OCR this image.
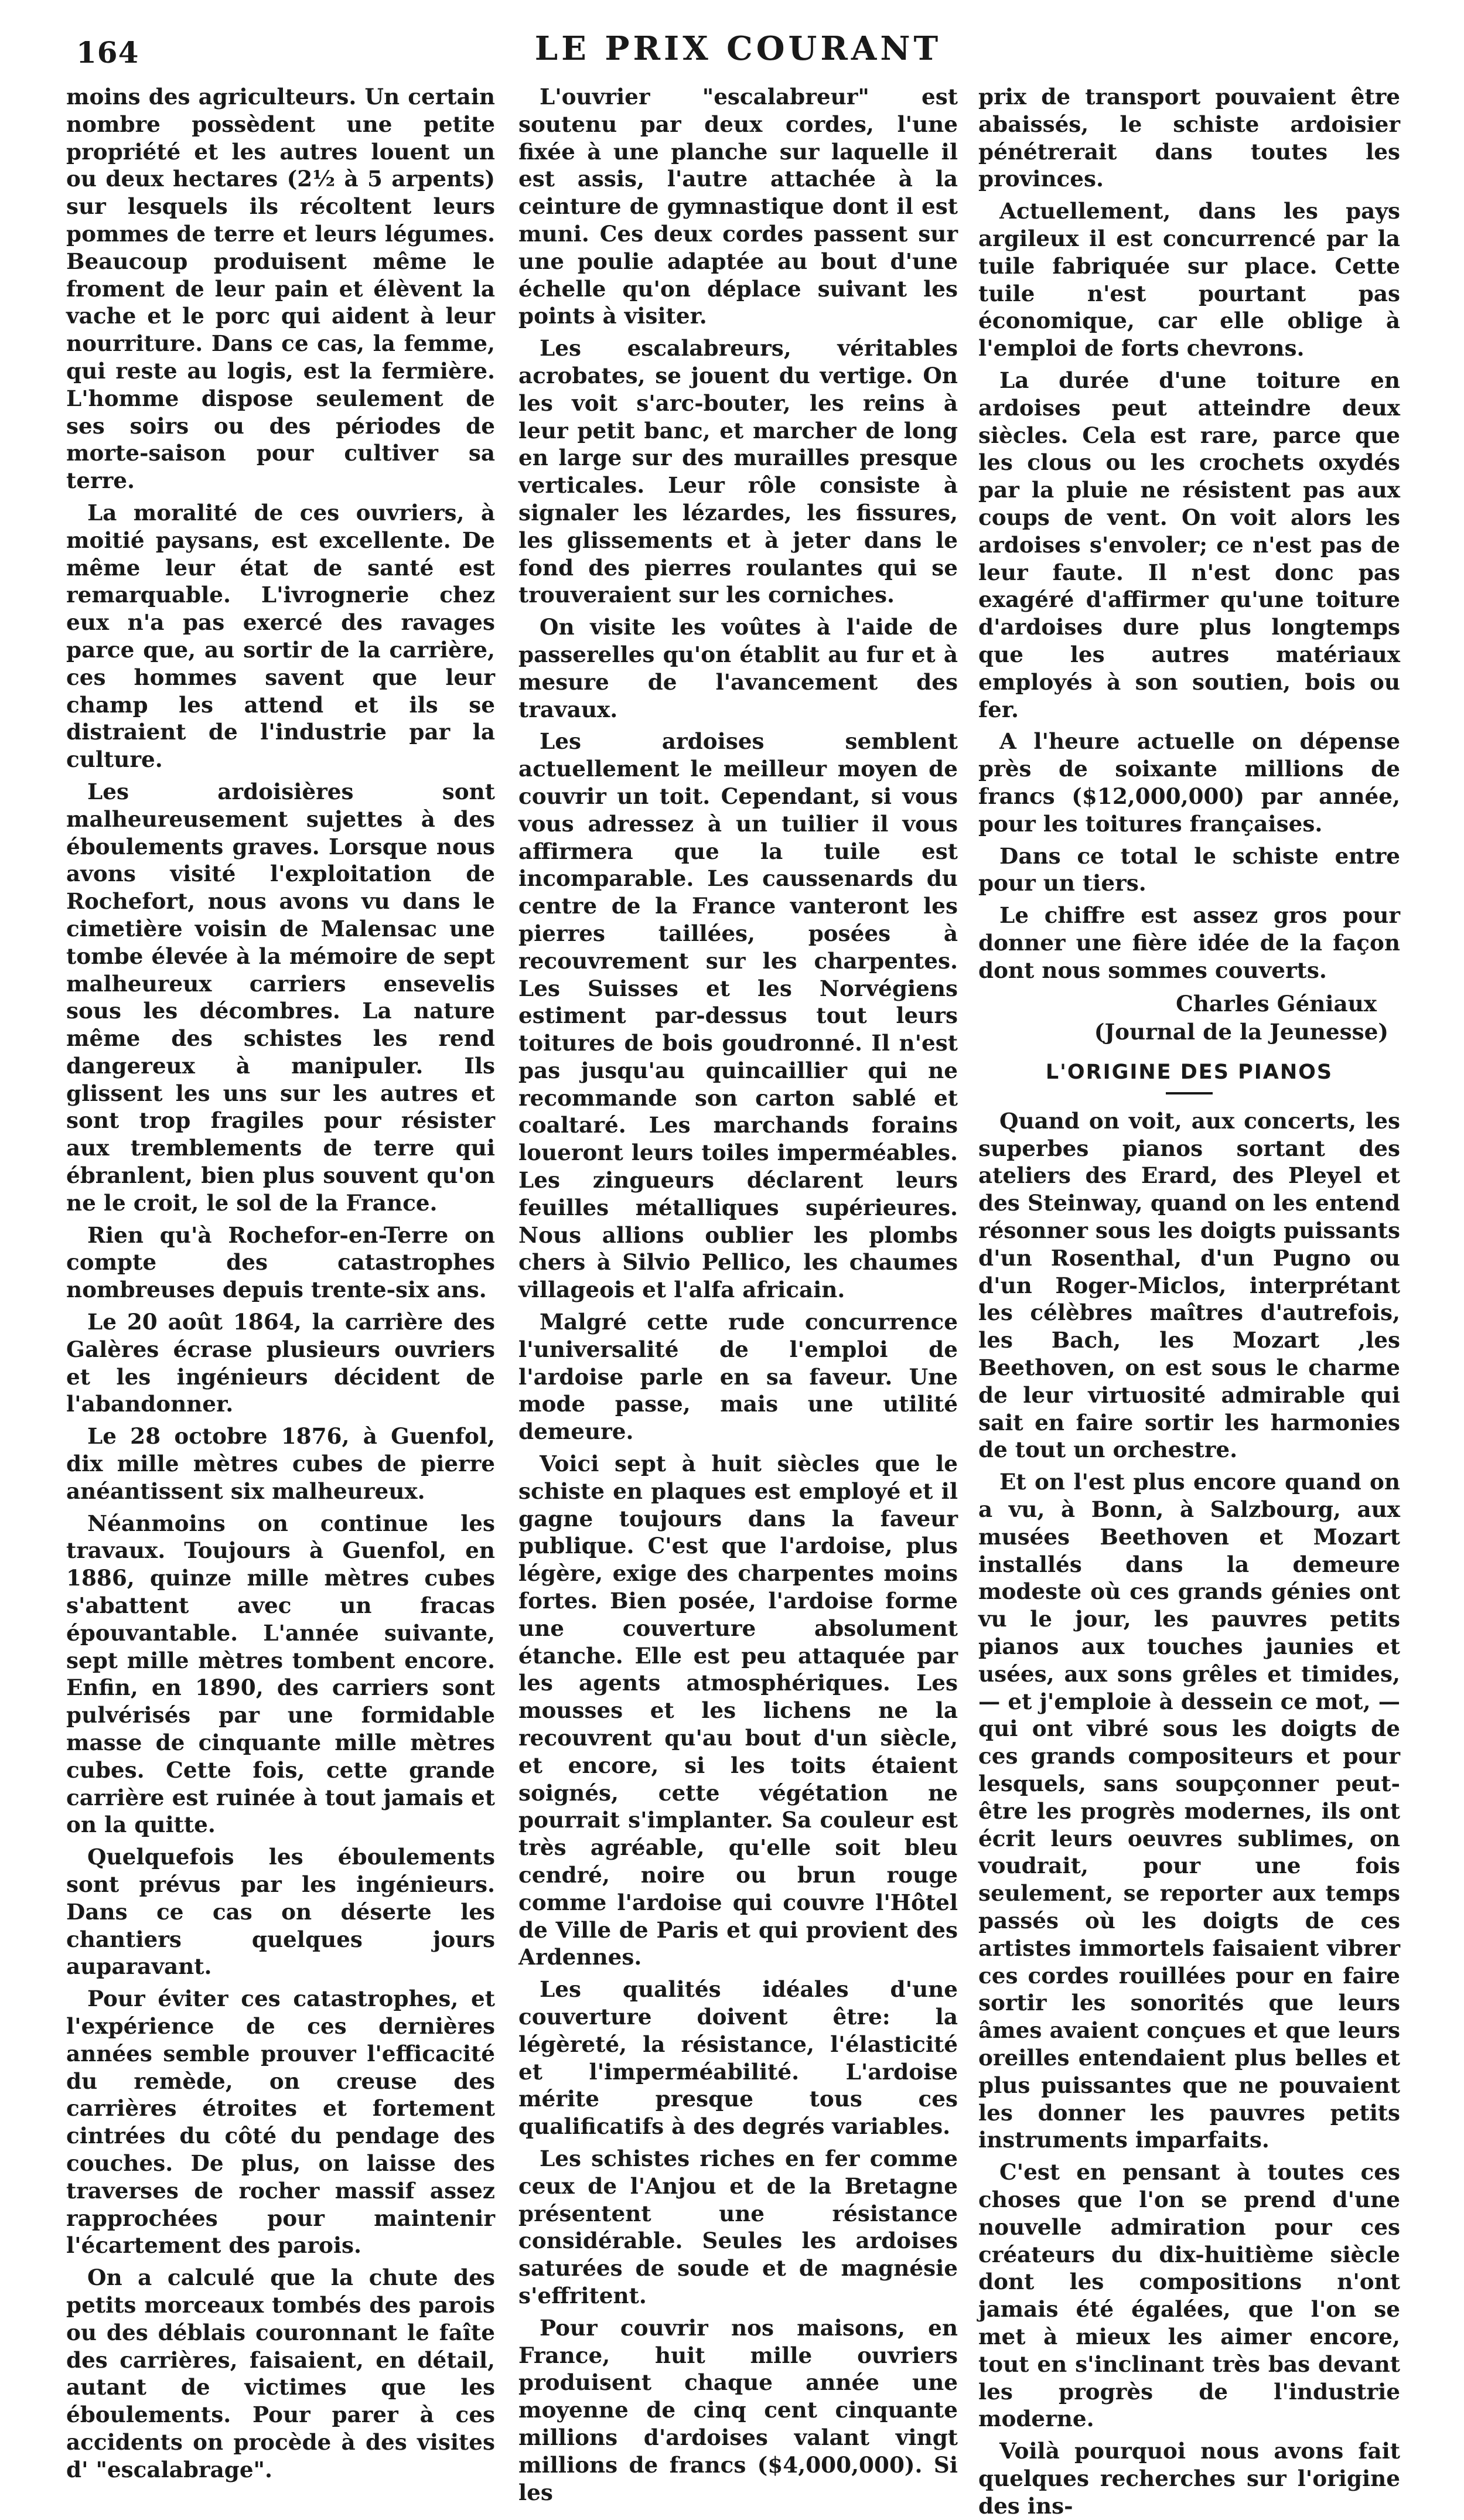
164	LE PRIX COURANT

moins des agriculteurs. Un certain nombre possèdent une petite propriété et les autres louent un ou deux hectares (2½ à 5 arpents) sur lesquels ils récoltent leurs pommes de terre et leurs légumes. Beaucoup produisent même le froment de leur pain et élèvent la vache et le porc qui aident à leur nourriture. Dans ce cas, la femme, qui reste au logis, est la fermière. L'homme dispose seulement de ses soirs ou des périodes de morte-saison pour cultiver sa terre.

La moralité de ces ouvriers, à moitié paysans, est excellente. De même leur état de santé est remarquable. L'ivrognerie chez eux n'a pas exercé des ravages parce que, au sortir de la carrière, ces hommes savent que leur champ les attend et ils se distraient de l'industrie par la culture.

Les ardoisières sont malheureusement sujettes à des éboulements graves. Lorsque nous avons visité l'exploitation de Rochefort, nous avons vu dans le cimetière voisin de Malensac une tombe élevée à la mémoire de sept malheureux carriers ensevelis sous les décombres. La nature même des schistes les rend dangereux à manipuler. Ils glissent les uns sur les autres et sont trop fragiles pour résister aux tremblements de terre qui ébranlent, bien plus souvent qu'on ne le croit, le sol de la France.

Rien qu'à Rochefor-en-Terre on compte des catastrophes nombreuses depuis trente-six ans.

Le 20 août 1864, la carrière des Galères écrase plusieurs ouvriers et les ingénieurs décident de l'abandonner.

Le 28 octobre 1876, à Guenfol, dix mille mètres cubes de pierre anéantissent six malheureux.

Néanmoins on continue les travaux. Toujours à Guenfol, en 1886, quinze mille mètres cubes s'abattent avec un fracas épouvantable. L'année suivante, sept mille mètres tombent encore. Enfin, en 1890, des carriers sont pulvérisés par une formidable masse de cinquante mille mètres cubes. Cette fois, cette grande carrière est ruinée à tout jamais et on la quitte.

Quelquefois les éboulements sont prévus par les ingénieurs. Dans ce cas on déserte les chantiers quelques jours auparavant.

Pour éviter ces catastrophes, et l'expérience de ces dernières années semble prouver l'efficacité du remède, on creuse des carrières étroites et fortement cintrées du côté du pendage des couches. De plus, on laisse des traverses de rocher massif assez rapprochées pour maintenir l'écartement des parois.

On a calculé que la chute des petits morceaux tombés des parois ou des déblais couronnant le faîte des carrières, faisaient, en détail, autant de victimes que les éboulements. Pour parer à ces accidents on procède à des visites d' "escalabrage".

L'ouvrier "escalabreur" est soutenu par deux cordes, l'une fixée à une planche sur laquelle il est assis, l'autre attachée à la ceinture de gymnastique dont il est muni. Ces deux cordes passent sur une poulie adaptée au bout d'une échelle qu'on déplace suivant les points à visiter.

Les escalabreurs, véritables acrobates, se jouent du vertige. On les voit s'arc-bouter, les reins à leur petit banc, et marcher de long en large sur des murailles presque verticales. Leur rôle consiste à signaler les lézardes, les fissures, les glissements et à jeter dans le fond des pierres roulantes qui se trouveraient sur les corniches.

On visite les voûtes à l'aide de passerelles qu'on établit au fur et à mesure de l'avancement des travaux.

Les ardoises semblent actuellement le meilleur moyen de couvrir un toit. Cependant, si vous vous adressez à un tuilier il vous affirmera que la tuile est incomparable. Les caussenards du centre de la France vanteront les pierres taillées, posées à recouvrement sur les charpentes. Les Suisses et les Norvégiens estiment par-dessus tout leurs toitures de bois goudronné. Il n'est pas jusqu'au quincaillier qui ne recommande son carton sablé et coaltaré. Les marchands forains loueront leurs toiles imperméables. Les zingueurs déclarent leurs feuilles métalliques supérieures. Nous allions oublier les plombs chers à Silvio Pellico, les chaumes villageois et l'alfa africain.

Malgré cette rude concurrence l'universalité de l'emploi de l'ardoise parle en sa faveur. Une mode passe, mais une utilité demeure.

Voici sept à huit siècles que le schiste en plaques est employé et il gagne toujours dans la faveur publique. C'est que l'ardoise, plus légère, exige des charpentes moins fortes. Bien posée, l'ardoise forme une couverture absolument étanche. Elle est peu attaquée par les agents atmosphériques. Les mousses et les lichens ne la recouvrent qu'au bout d'un siècle, et encore, si les toits étaient soignés, cette végétation ne pourrait s'implanter. Sa couleur est très agréable, qu'elle soit bleu cendré, noire ou brun rouge comme l'ardoise qui couvre l'Hôtel de Ville de Paris et qui provient des Ardennes.

Les qualités idéales d'une couverture doivent être: la légèreté, la résistance, l'élasticité et l'imperméabilité. L'ardoise mérite presque tous ces qualificatifs à des degrés variables.

Les schistes riches en fer comme ceux de l'Anjou et de la Bretagne présentent une résistance considérable. Seules les ardoises saturées de soude et de magnésie s'effritent.

Pour couvrir nos maisons, en France, huit mille ouvriers produisent chaque année une moyenne de cinq cent cinquante millions d'ardoises valant vingt millions de francs ($4,000,000). Si les

prix de transport pouvaient être abaissés, le schiste ardoisier pénétrerait dans toutes les provinces.

Actuellement, dans les pays argileux il est concurrencé par la tuile fabriquée sur place. Cette tuile n'est pourtant pas économique, car elle oblige à l'emploi de forts chevrons.

La durée d'une toiture en ardoises peut atteindre deux siècles. Cela est rare, parce que les clous ou les crochets oxydés par la pluie ne résistent pas aux coups de vent. On voit alors les ardoises s'envoler; ce n'est pas de leur faute. Il n'est donc pas exagéré d'affirmer qu'une toiture d'ardoises dure plus longtemps que les autres matériaux employés à son soutien, bois ou fer.

A l'heure actuelle on dépense près de soixante millions de francs ($12,000,000) par année, pour les toitures françaises.

Dans ce total le schiste entre pour un tiers.

Le chiffre est assez gros pour donner une fière idée de la façon dont nous sommes couverts.

Charles Géniaux
(Journal de la Jeunesse)
L'ORIGINE DES PIANOS

Quand on voit, aux concerts, les superbes pianos sortant des ateliers des Erard, des Pleyel et des Steinway, quand on les entend résonner sous les doigts puissants d'un Rosenthal, d'un Pugno ou d'un Roger-Miclos, interprétant les célèbres maîtres d'autrefois, les Bach, les Mozart ,les Beethoven, on est sous le charme de leur virtuosité admirable qui sait en faire sortir les harmonies de tout un orchestre.

Et on l'est plus encore quand on a vu, à Bonn, à Salzbourg, aux musées Beethoven et Mozart installés dans la demeure modeste où ces grands génies ont vu le jour, les pauvres petits pianos aux touches jaunies et usées, aux sons grêles et timides, — et j'emploie à dessein ce mot, — qui ont vibré sous les doigts de ces grands compositeurs et pour lesquels, sans soupçonner peut-être les progrès modernes, ils ont écrit leurs oeuvres sublimes, on voudrait, pour une fois seulement, se reporter aux temps passés où les doigts de ces artistes immortels faisaient vibrer ces cordes rouillées pour en faire sortir les sonorités que leurs âmes avaient conçues et que leurs oreilles entendaient plus belles et plus puissantes que ne pouvaient les donner les pauvres petits instruments imparfaits.

C'est en pensant à toutes ces choses que l'on se prend d'une nouvelle admiration pour ces créateurs du dix-huitième siècle dont les compositions n'ont jamais été égalées, que l'on se met à mieux les aimer encore, tout en s'inclinant très bas devant les progrès de l'industrie moderne.

Voilà pourquoi nous avons fait quelques recherches sur l'origine des ins-
